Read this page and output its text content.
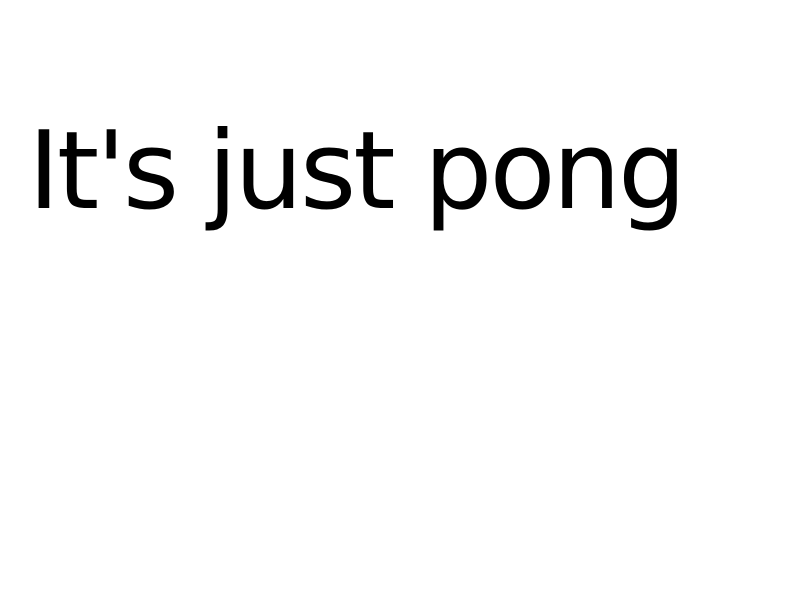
It's just pong
